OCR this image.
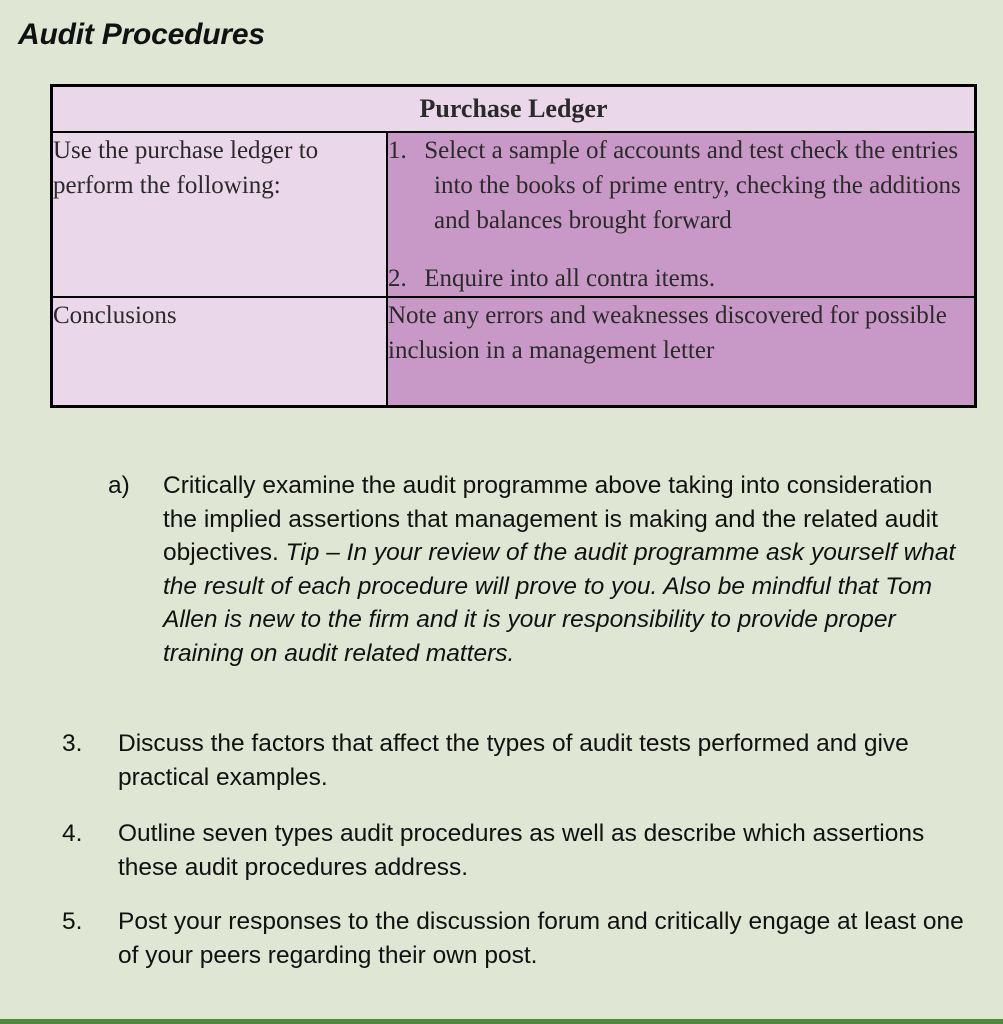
Audit Procedures
Purchase Ledger	
Use the purchase ledger to perform the following:	1. Select a sample of accounts and test check the entries into the books of prime entry, checking the additions and balances brought forward
2. Enquire into all contra items.

Conclusions	Note any errors and weaknesses discovered for possible inclusion in a management letter
a)	Critically examine the audit programme above taking into consideration the implied assertions that management is making and the related audit objectives. Tip – In your review of the audit programme ask yourself what the result of each procedure will prove to you. Also be mindful that Tom Allen is new to the firm and it is your responsibility to provide proper training on audit related matters.
3.	Discuss the factors that affect the types of audit tests performed and give practical examples.
4.	Outline seven types audit procedures as well as describe which assertions these audit procedures address.
5.	Post your responses to the discussion forum and critically engage at least one of your peers regarding their own post.
